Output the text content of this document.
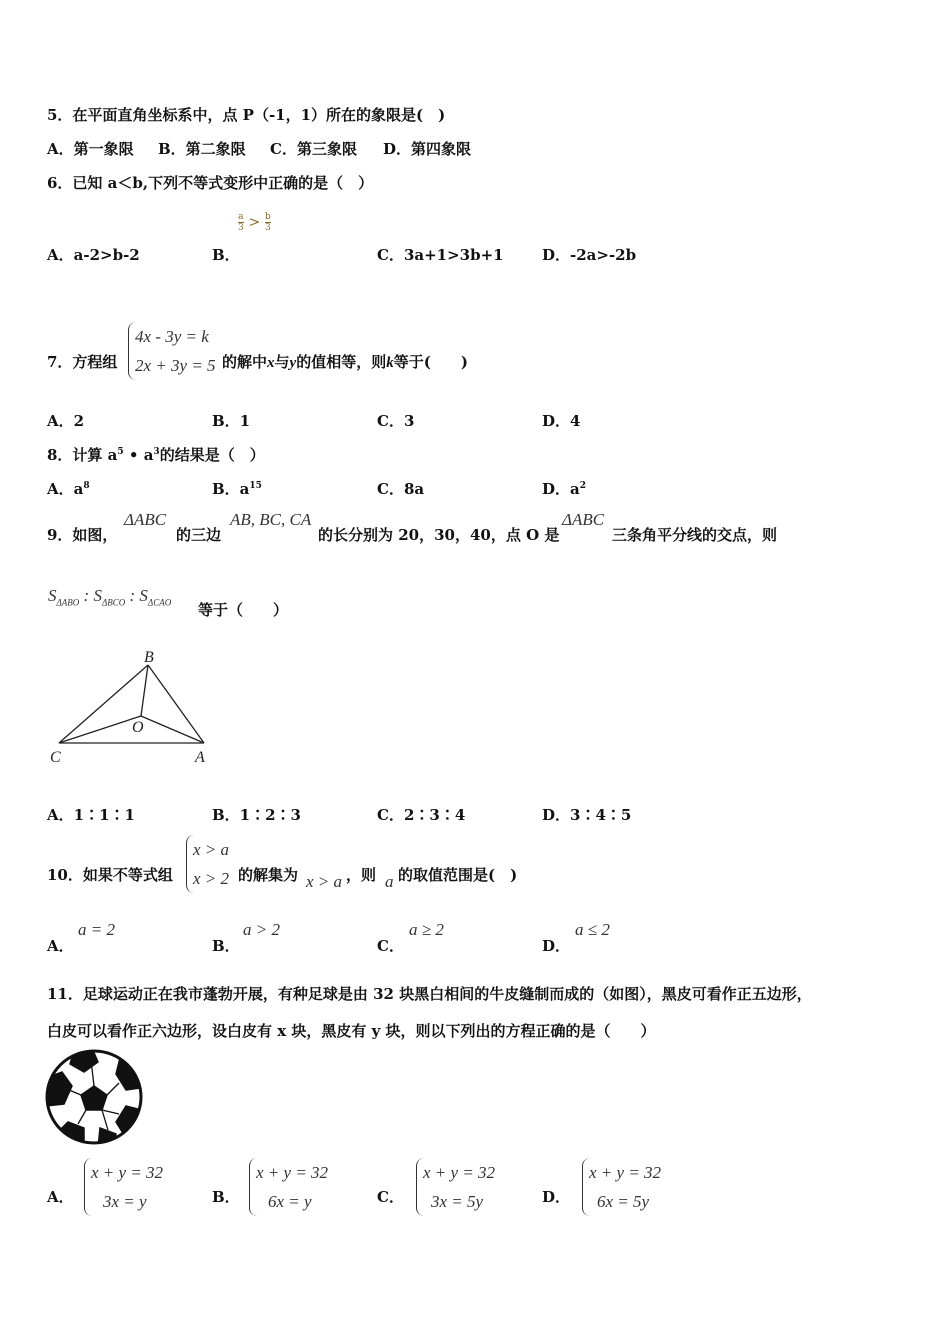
5．在平面直角坐标系中，点 P（-1，1）所在的象限是(　)
A．第一象限 B．第二象限 C．第三象限 D．第四象限
6．已知 a＜b,下列不等式变形中正确的是（　）
$\frac{a}{3} > \frac{b}{3}$
A．a-2>b-2	B．	C．3a+1>3b+1	D．-2a>-2b
7．方程组
4x - 3y = k
2x + 3y = 5 的解中x与y的值相等，则k等于(　　)
A．2	B．1	C．3	D．4
8．计算 $a^5$ • $a^3$的结果是（　）
A．$a^8$	B．$a^{15}$	C．8a	D．$a^2$
9．如图，
ΔABC
的三边
AB, BC, CA
的长分别为 20，30，40，点 O 是
ΔABC
三条角平分线的交点，则
$S_{\Delta ABO}$ : $S_{\Delta BCO}$ : $S_{\Delta CAO}$ 等于（　　）
B
O
C	A
A．1∶1∶1	B．1∶2∶3	C．2∶3∶4	D．3∶4∶5
10．如果不等式组
x > a
x > 2 的解集为 x > a ，则 a 的取值范围是(　)
A．
a = 2
B．
a > 2
C．
a ≥ 2
D．
a ≤ 2
11．足球运动正在我市蓬勃开展，有种足球是由 32 块黑白相间的牛皮缝制而成的（如图），黑皮可看作正五边形，
白皮可以看作正六边形，设白皮有 x 块，黑皮有 y 块，则以下列出的方程正确的是（　　）
A．
x + y = 32
3x = y	B．
x + y = 32
6x = y	C．
x + y = 32
3x = 5y	D．
x + y = 32
6x = 5y
